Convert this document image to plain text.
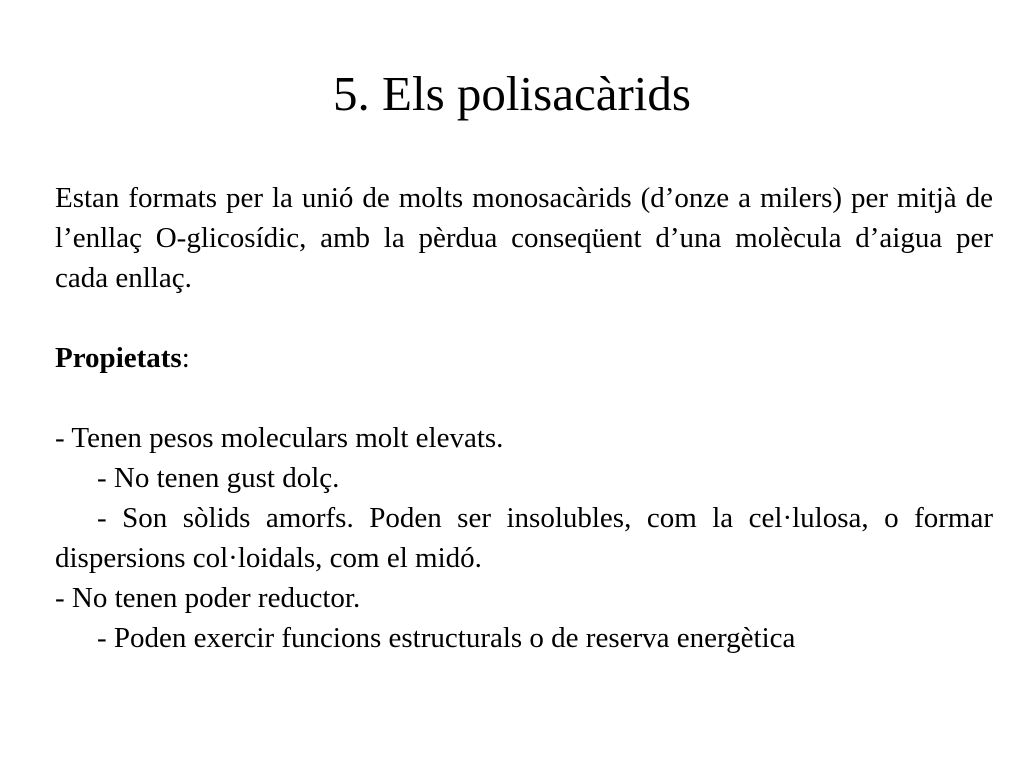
5. Els polisacàrids

Estan formats per la unió de molts monosacàrids (d’onze a milers) per mitjà de l’enllaç O-glicosídic, amb la pèrdua conseqüent d’una molècula d’aigua per cada enllaç.

Propietats:

- Tenen pesos moleculars molt elevats.

- No tenen gust dolç.

- Son sòlids amorfs. Poden ser insolubles, com la cel·lulosa, o formar dispersions col·loidals, com el midó.

- No tenen poder reductor.

- Poden exercir funcions estructurals o de reserva energètica
